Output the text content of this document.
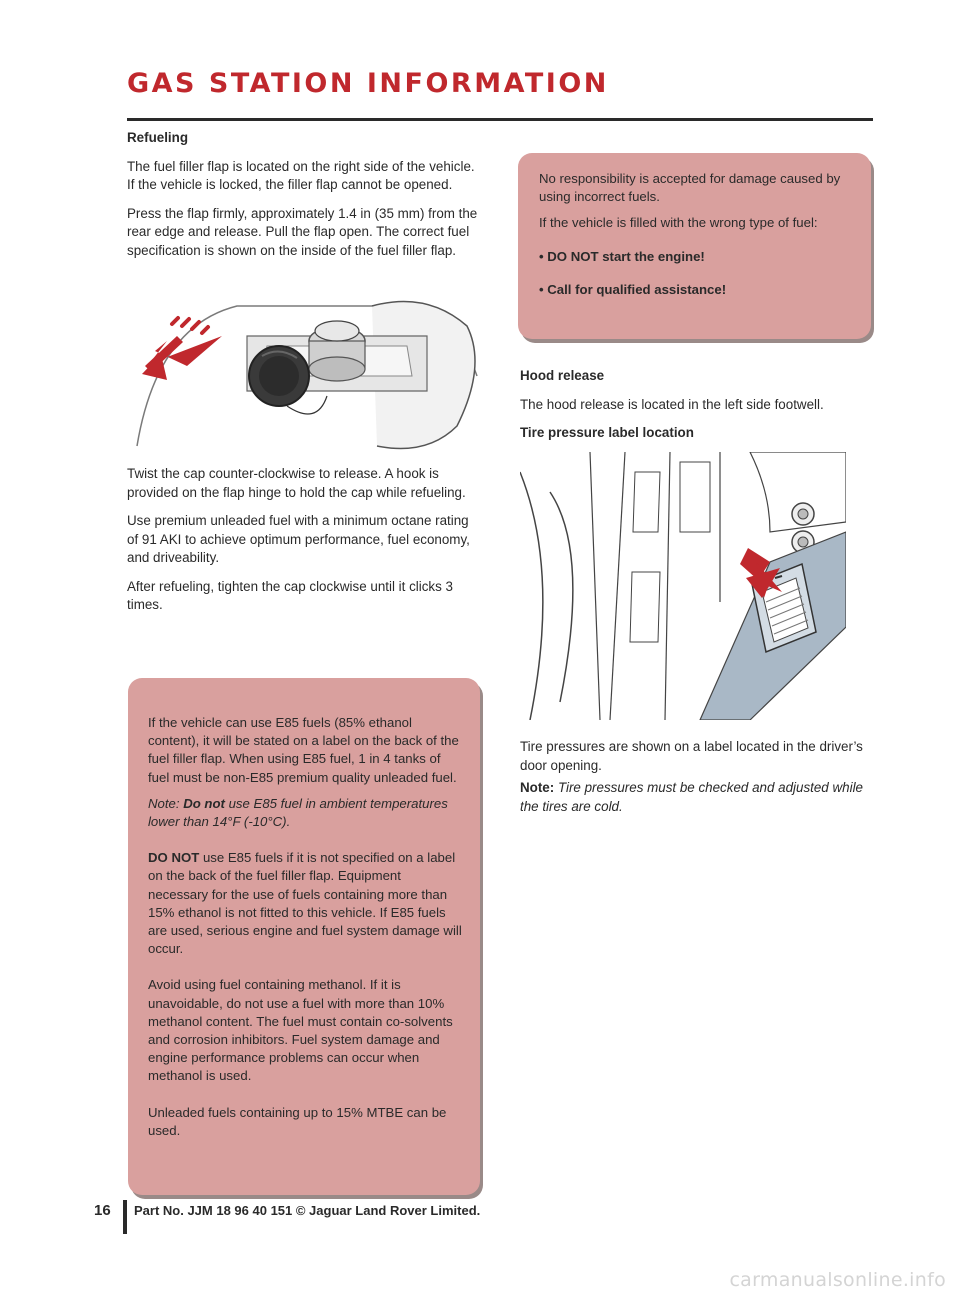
GAS STATION INFORMATION

Refueling

The fuel filler flap is located on the right side of the vehicle. If the vehicle is locked, the filler flap cannot be opened.

Press the flap firmly, approximately 1.4 in (35 mm) from the rear edge and release. Pull the flap open. The correct fuel specification is shown on the inside of the fuel filler flap.

Twist the cap counter-clockwise to release. A hook is provided on the flap hinge to hold the cap while refueling.

Use premium unleaded fuel with a minimum octane rating of 91 AKI to achieve optimum performance, fuel economy, and driveability.

After refueling, tighten the cap clockwise until it clicks 3 times.

If the vehicle can use E85 fuels (85% ethanol content), it will be stated on a label on the back of the fuel filler flap. When using E85 fuel, 1 in 4 tanks of fuel must be non-E85 premium quality unleaded fuel.

Note: Do not use E85 fuel in ambient temperatures lower than 14°F (-10°C).

DO NOT use E85 fuels if it is not specified on a label on the back of the fuel filler flap. Equipment necessary for the use of fuels containing more than 15% ethanol is not fitted to this vehicle. If E85 fuels are used, serious engine and fuel system damage will occur.

Avoid using fuel containing methanol. If it is unavoidable, do not use a fuel with more than 10% methanol content. The fuel must contain co-solvents and corrosion inhibitors. Fuel system damage and engine performance problems can occur when methanol is used.

Unleaded fuels containing up to 15% MTBE can be used.

No responsibility is accepted for damage caused by using incorrect fuels.

If the vehicle is filled with the wrong type of fuel:

• DO NOT start the engine!

• Call for qualified assistance!

Hood release

The hood release is located in the left side footwell.

Tire pressure label location

Tire pressures are shown on a label located in the driver’s door opening.

Note: Tire pressures must be checked and adjusted while the tires are cold.

16 Part No. JJM 18 96 40 151 © Jaguar Land Rover Limited.
carmanualsonline.info
